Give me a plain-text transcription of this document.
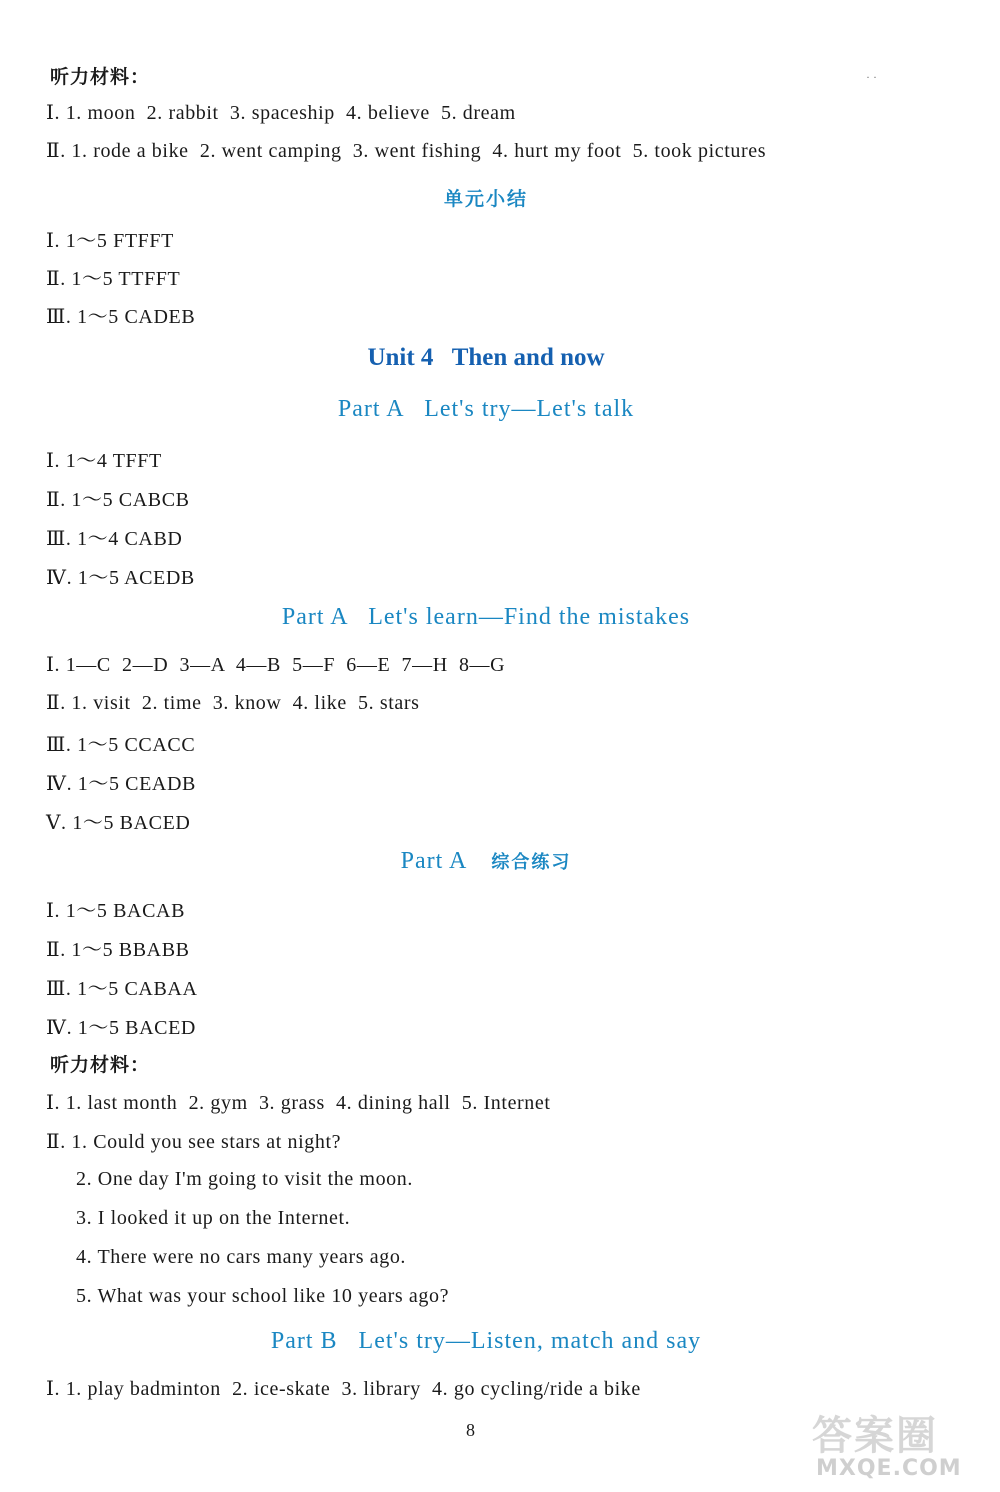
听力材料：	· ·
Ⅰ. 1. moon  2. rabbit  3. spaceship  4. believe  5. dream
Ⅱ. 1. rode a bike  2. went camping  3. went fishing  4. hurt my foot  5. took pictures
单元小结
Ⅰ. 1～5 FTFFT
Ⅱ. 1～5 TTFFT
Ⅲ. 1～5 CADEB
Unit 4   Then and now
Part A   Let's try—Let's talk
Ⅰ. 1～4 TFFT
Ⅱ. 1～5 CABCB
Ⅲ. 1～4 CABD
Ⅳ. 1～5 ACEDB
Part A   Let's learn—Find the mistakes
Ⅰ. 1—C  2—D  3—A  4—B  5—F  6—E  7—H  8—G
Ⅱ. 1. visit  2. time  3. know  4. like  5. stars
Ⅲ. 1～5 CCACC
Ⅳ. 1～5 CEADB
Ⅴ. 1～5 BACED
Part A 综合练习
Ⅰ. 1～5 BACAB
Ⅱ. 1～5 BBABB
Ⅲ. 1～5 CABAA
Ⅳ. 1～5 BACED
听力材料：
Ⅰ. 1. last month  2. gym  3. grass  4. dining hall  5. Internet
Ⅱ. 1. Could you see stars at night?
2. One day I'm going to visit the moon.
3. I looked it up on the Internet.
4. There were no cars many years ago.
5. What was your school like 10 years ago?
Part B   Let's try—Listen, match and say
Ⅰ. 1. play badminton  2. ice-skate  3. library  4. go cycling/ride a bike
8	答案圈
MXQE.COM
